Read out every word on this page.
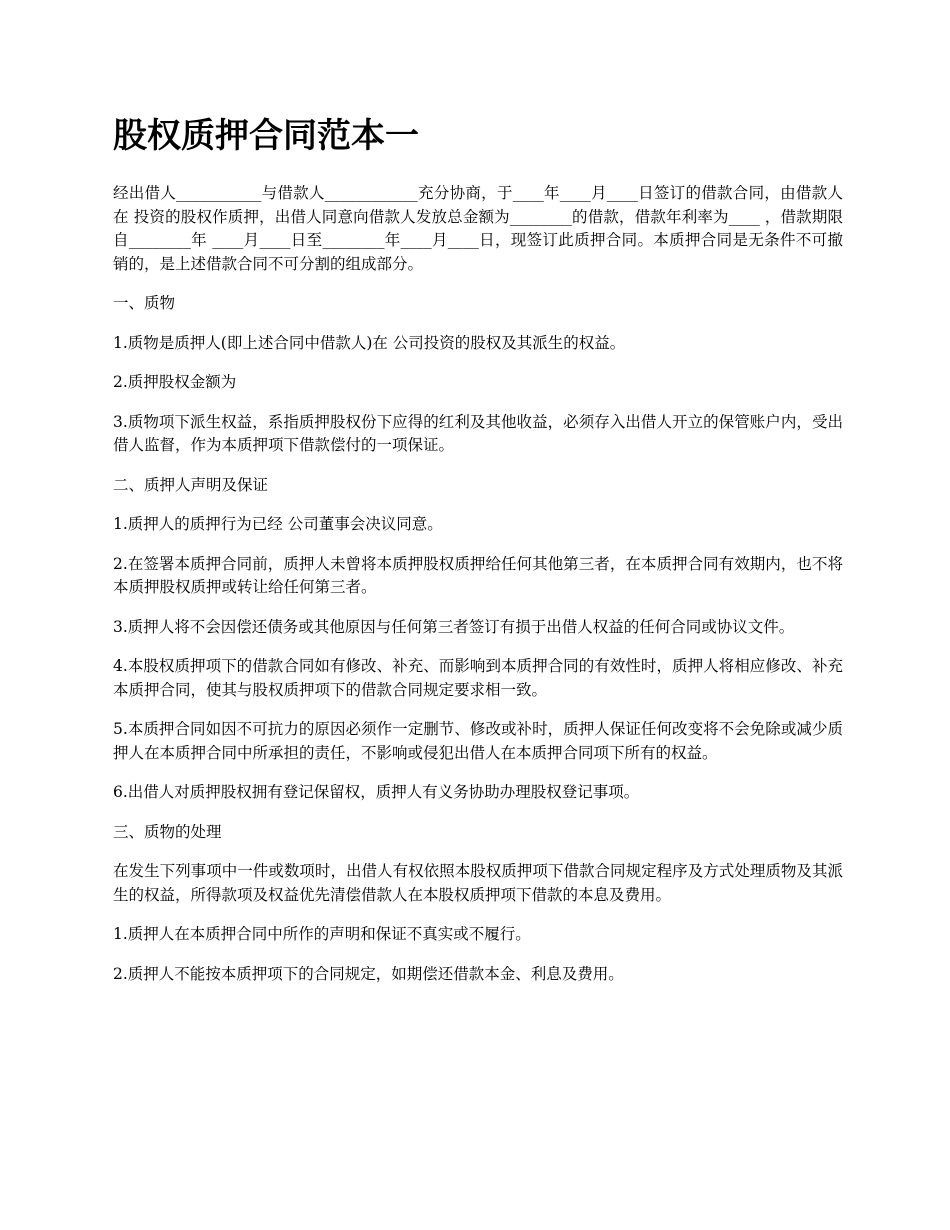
股权质押合同范本一

经出借人___________与借款人____________充分协商，于____年____月____日签订的借款合同，由借款人在 投资的股权作质押，出借人同意向借款人发放总金额为________的借款，借款年利率为____ ，借款期限自________年 ____月____日至________年____月____日，现签订此质押合同。本质押合同是无条件不可撤销的，是上述借款合同不可分割的组成部分。

一、质物

1.质物是质押人(即上述合同中借款人)在 公司投资的股权及其派生的权益。

2.质押股权金额为

3.质物项下派生权益，系指质押股权份下应得的红利及其他收益，必须存入出借人开立的保管账户内，受出借人监督，作为本质押项下借款偿付的一项保证。

二、质押人声明及保证

1.质押人的质押行为已经 公司董事会决议同意。

2.在签署本质押合同前，质押人未曾将本质押股权质押给任何其他第三者，在本质押合同有效期内，也不将本质押股权质押或转让给任何第三者。

3.质押人将不会因偿还债务或其他原因与任何第三者签订有损于出借人权益的任何合同或协议文件。

4.本股权质押项下的借款合同如有修改、补充、而影响到本质押合同的有效性时，质押人将相应修改、补充本质押合同，使其与股权质押项下的借款合同规定要求相一致。

5.本质押合同如因不可抗力的原因必须作一定删节、修改或补时，质押人保证任何改变将不会免除或减少质押人在本质押合同中所承担的责任，不影响或侵犯出借人在本质押合同项下所有的权益。

6.出借人对质押股权拥有登记保留权，质押人有义务协助办理股权登记事项。

三、质物的处理

在发生下列事项中一件或数项时，出借人有权依照本股权质押项下借款合同规定程序及方式处理质物及其派生的权益，所得款项及权益优先清偿借款人在本股权质押项下借款的本息及费用。

1.质押人在本质押合同中所作的声明和保证不真实或不履行。

2.质押人不能按本质押项下的合同规定，如期偿还借款本金、利息及费用。
